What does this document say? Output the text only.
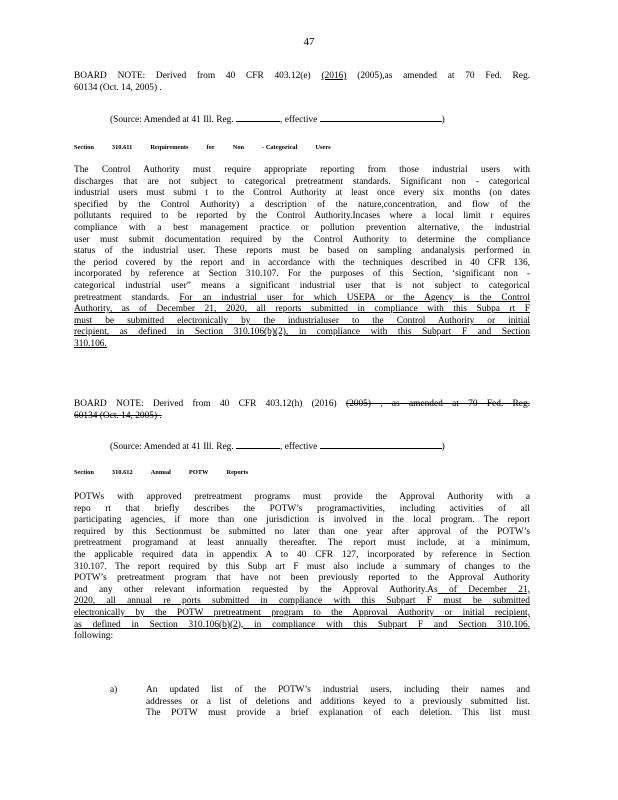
47
BOARD NOTE: Derived from 40 CFR 403.12(e) (2016) (2005),as amended at 70 Fed. Reg.
60134 (Oct. 14, 2005) .
(Source: Amended at 41 Ill. Reg.	, effective	)
Section	310.611	Requirements	for	Non	- Categorical	Users
The Control Authority must require appropriate reporting from those industrial users with
discharges that are not subject to categorical pretreatment standards. Significant non - categorical
industrial users must submi t to the Control Authority at least once every six months (on dates
specified by the Control Authority) a description of the nature,concentration, and flow of the
pollutants required to be reported by the Control Authority.Incases where a local limit r equires
compliance with a best management practice or pollution prevention alternative, the industrial
user must submit documentation required by the Control Authority to determine the compliance
status of the industrial user. These reports must be based on sampling andanalysis performed in
the period covered by the report and in accordance with the techniques described in 40 CFR 136,
incorporated by reference at Section 310.107. For the purposes of this Section, ‘significant non -
categorical industrial user” means a significant industrial user that is not subject to categorical
pretreatment standards. For an industrial user for which USEPA or the Agency is the Control
Authority, as of December 21, 2020, all reports submitted in compliance with this Subpa rt F
must be submitted electronically by the industrialuser to the Control Authority or initial
recipient, as defined in Section 310.106(b)(2), in compliance with this Subpart F and Section
310.106.
BOARD NOTE: Derived from 40 CFR 403.12(h) (2016) (2005) , as amended at 70 Fed. Reg.
60134 (Oct. 14, 2005) .
(Source: Amended at 41 Ill. Reg.	, effective	)
Section	310.612	Annual	POTW	Reports
POTWs with approved pretreatment programs must provide the Approval Authority with a
repo rt that briefly describes the POTW’s programactivities, including activities of all
participating agencies, if more than one jurisdiction is involved in the local program. The report
required by this Sectionmust be submitted no later than one year after approval of the POTW’s
pretreatment programand at least annually thereafter. The report must include, at a minimum,
the applicable required data in appendix A to 40 CFR 127, incorporated by reference in Section
310.107. The report required by this Subp art F must also include a summary of changes to the
POTW’s pretreatment program that have not been previously reported to the Approval Authority
and any other relevant information requested by the Approval Authority.As of December 21,
2020, all annual re ports submitted in compliance with this Subpart F must be submitted
electronically by the POTW pretreatment program to the Approval Authority or initial recipient,
as defined in Section 310.106(b)(2), in compliance with this Subpart F and Section 310.106.
following:
a)	An updated list of the POTW’s industrial users, including their names and
addresses or a list of deletions and additions keyed to a previously submitted list.
The POTW must provide a brief explanation of each deletion. This list must
